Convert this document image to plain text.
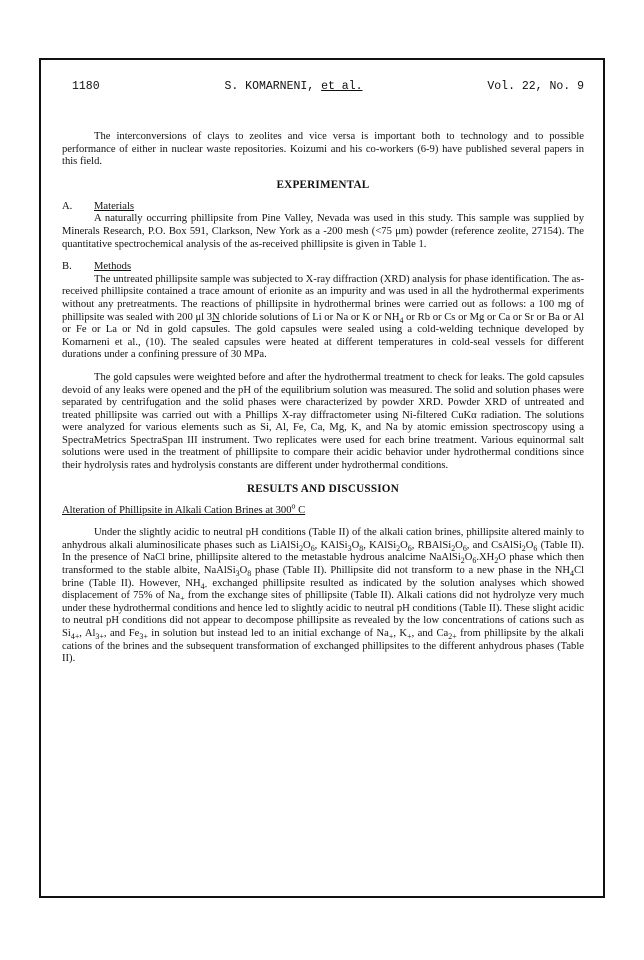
1180	S. KOMARNENI, et al.	Vol. 22, No. 9

The interconversions of clays to zeolites and vice versa is important both to technology and to possible performance of either in nuclear waste repositories. Koizumi and his co-workers (6-9) have published several papers in this field.

EXPERIMENTAL
A.	Materials

A naturally occurring phillipsite from Pine Valley, Nevada was used in this study. This sample was supplied by Minerals Research, P.O. Box 591, Clarkson, New York as a -200 mesh (<75 μm) powder (reference zeolite, 27154). The quantitative spectrochemical analysis of the as-received phillipsite is given in Table 1.

B.	Methods

The untreated phillipsite sample was subjected to X-ray diffraction (XRD) analysis for phase identification. The as-received phillipsite contained a trace amount of erionite as an impurity and was used in all the hydrothermal experiments without any pretreatments. The reactions of phillipsite in hydrothermal brines were carried out as follows: a 100 mg of phillipsite was sealed with 200 μl 3N chloride solutions of Li or Na or K or $NH_4$ or Rb or Cs or Mg or Ca or Sr or Ba or Al or Fe or La or Nd in gold capsules. The gold capsules were sealed using a cold-welding technique developed by Komarneni et al., (10). The sealed capsules were heated at different temperatures in cold-seal vessels for different durations under a confining pressure of 30 MPa.

The gold capsules were weighted before and after the hydrothermal treatment to check for leaks. The gold capsules devoid of any leaks were opened and the pH of the equilibrium solution was measured. The solid and solution phases were separated by centrifugation and the solid phases were characterized by powder XRD. Powder XRD of untreated and treated phillipsite was carried out with a Phillips X-ray diffractometer using Ni-filtered CuKα radiation. The solutions were analyzed for various elements such as Si, Al, Fe, Ca, Mg, K, and Na by atomic emission spectroscopy using a SpectraMetrics SpectraSpan III instrument. Two replicates were used for each brine treatment. Various equinormal salt solutions were used in the treatment of phillipsite to compare their acidic behavior under hydrothermal conditions since their hydrolysis rates and hydrolysis constants are different under hydrothermal conditions.

RESULTS AND DISCUSSION
Alteration of Phillipsite in Alkali Cation Brines at 300$^o$ C

Under the slightly acidic to neutral pH conditions (Table II) of the alkali cation brines, phillipsite altered mainly to anhydrous alkali aluminosilicate phases such as $LiAlSi_2O_6$, $KAlSi_3O_8$, $KAlSi_2O_6$, $RBAlSi_2O_6$, and $CsAlSi_2O_6$ (Table II). In the presence of NaCl brine, phillipsite altered to the metastable hydrous analcime $NaAlSi_2O_6.XH_2O$ phase which then transformed to the stable albite, $NaAlSi_3O_8$ phase (Table II). Phillipsite did not transform to a new phase in the $NH_4Cl$ brine (Table II). However, $NH_{4-}$ exchanged phillipsite resulted as indicated by the solution analyses which showed displacement of 75% of $Na_+$ from the exchange sites of phillipsite (Table II). Alkali cations did not hydrolyze very much under these hydrothermal conditions and hence led to slightly acidic to neutral pH conditions (Table II). These slight acidic to neutral pH conditions did not appear to decompose phillipsite as revealed by the low concentrations of cations such as $Si_{4+}$, $Al_{3+}$, and $Fe_{3+}$ in solution but instead led to an initial exchange of $Na_+$, $K_+$, and $Ca_{2+}$ from phillipsite by the alkali cations of the brines and the subsequent transformation of exchanged phillipsites to the different anhydrous phases (Table II).
